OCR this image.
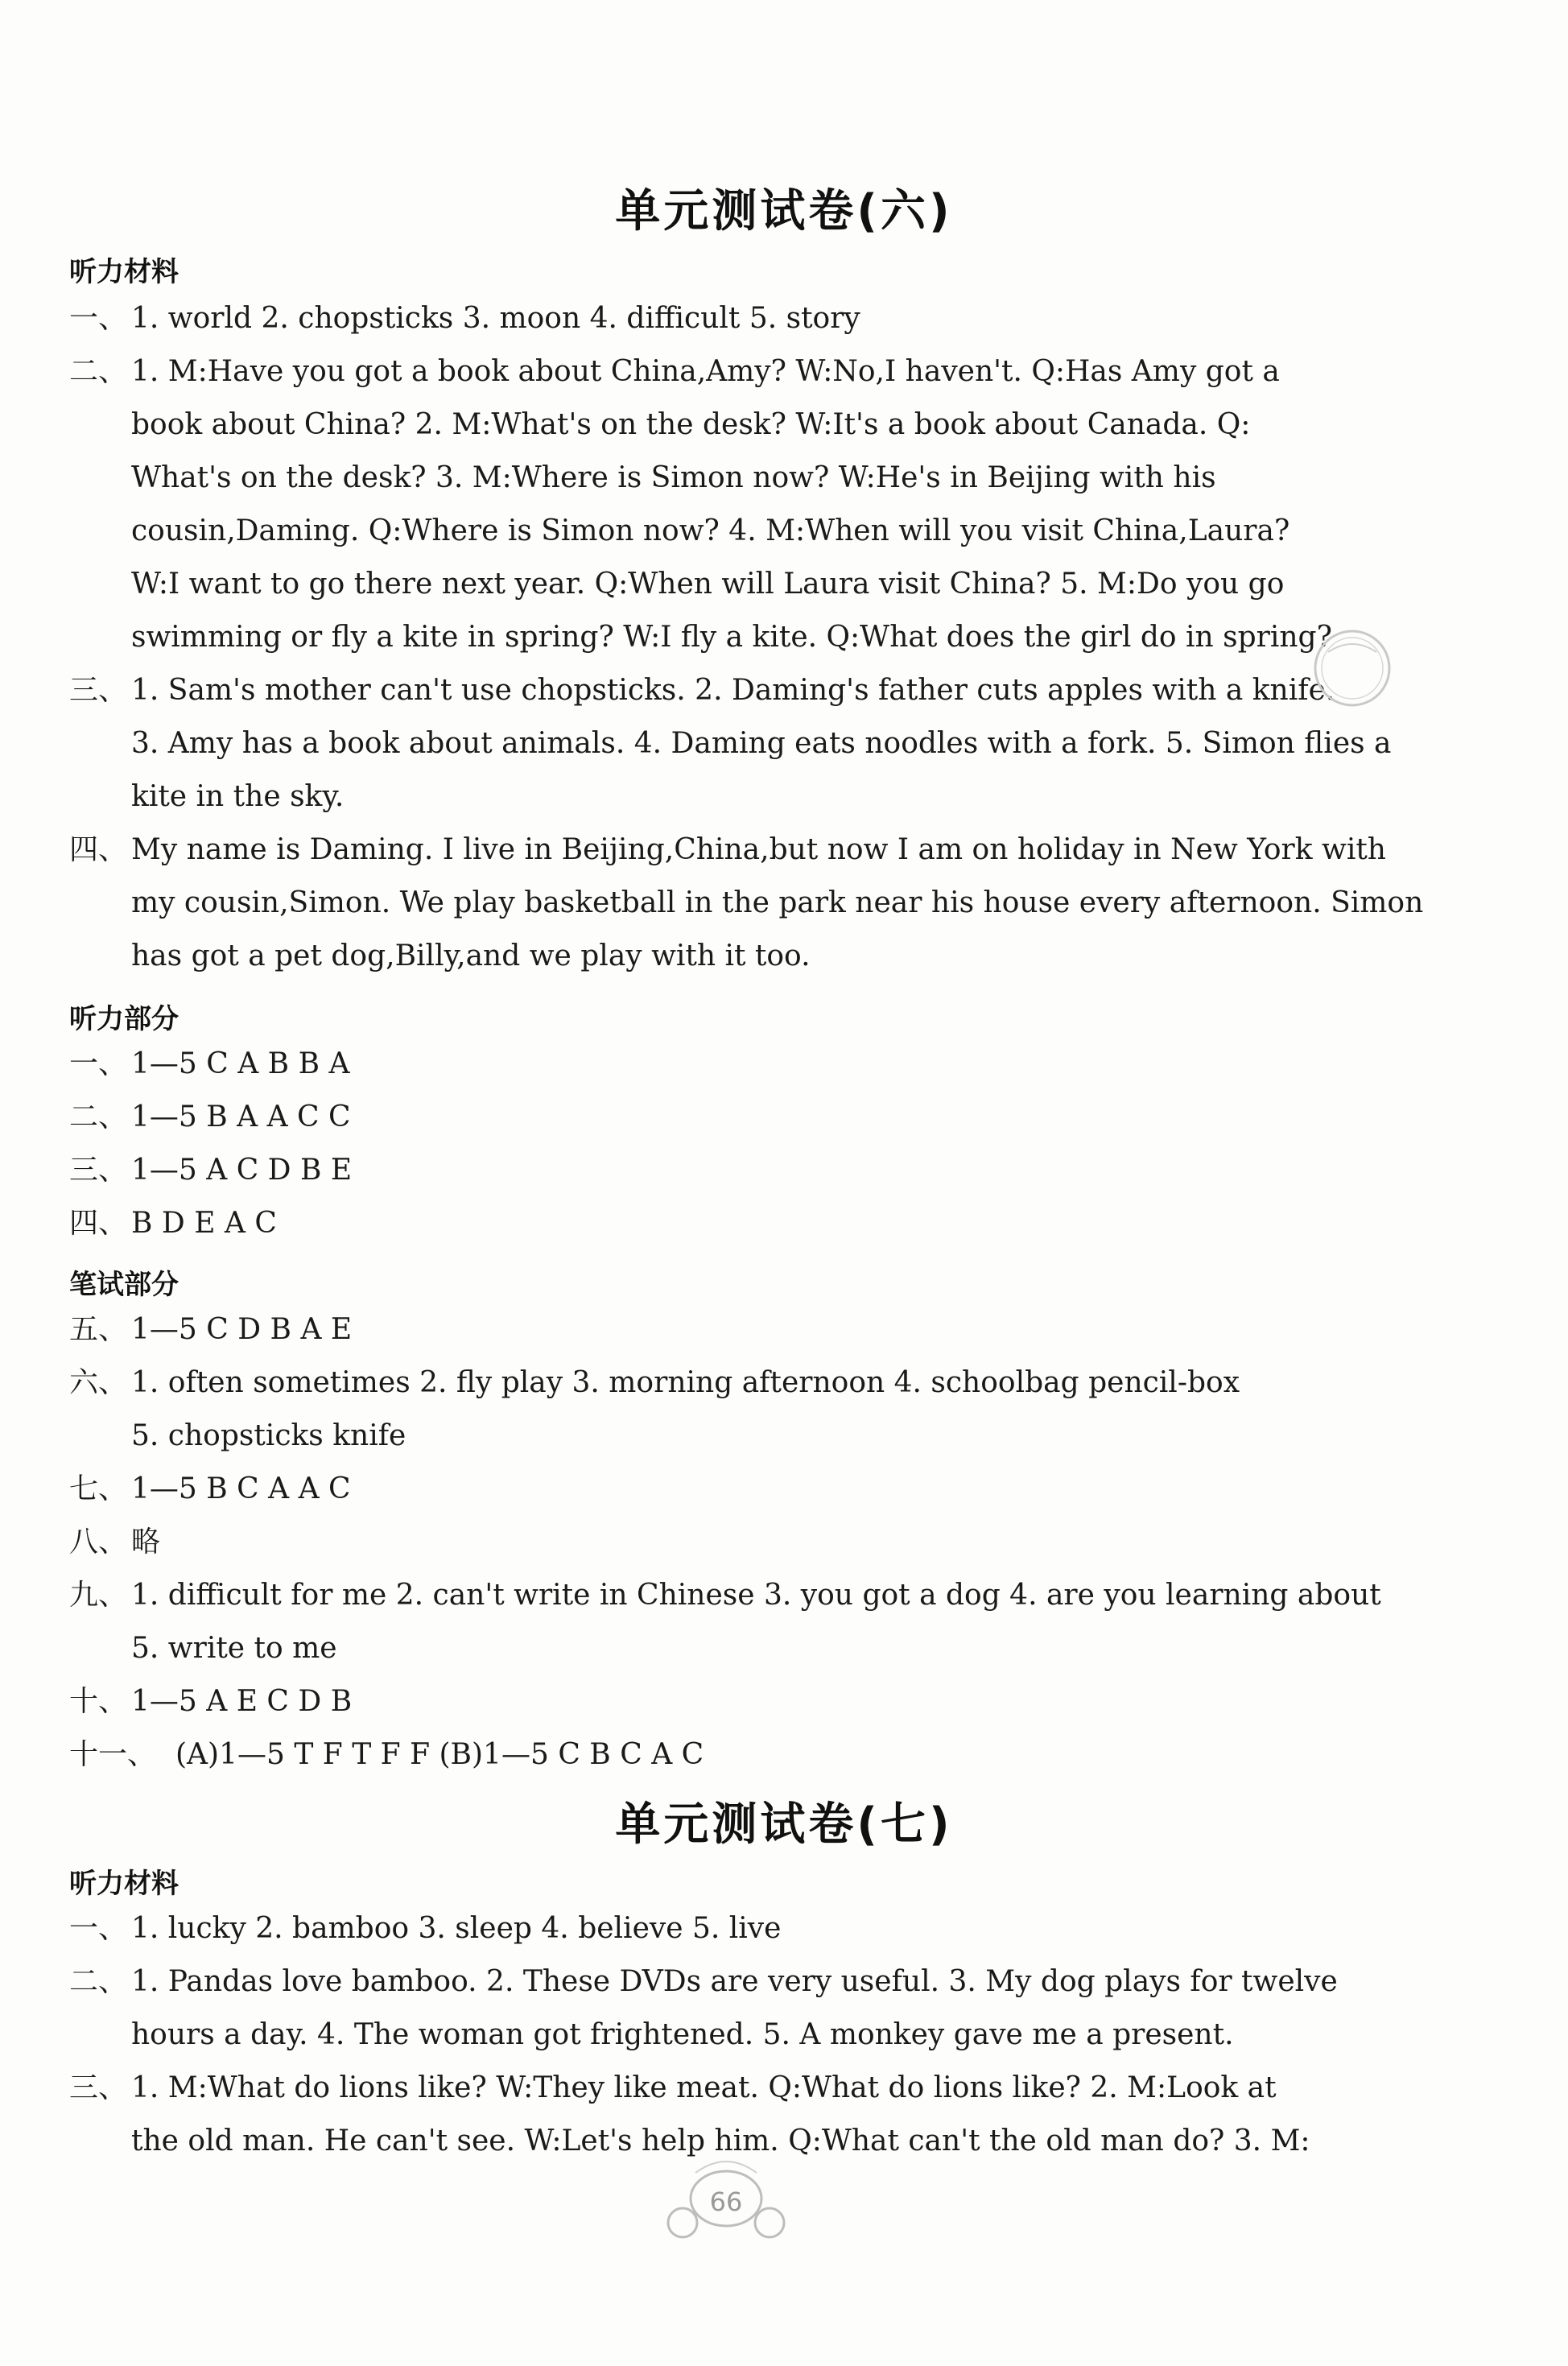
单元测试卷(六)
听力材料
一、 1. world 2. chopsticks 3. moon 4. difficult 5. story
二、 1. M:Have you got a book about China,Amy? W:No,I haven't. Q:Has Amy got a
book about China? 2. M:What's on the desk? W:It's a book about Canada. Q:
What's on the desk? 3. M:Where is Simon now? W:He's in Beijing with his
cousin,Daming. Q:Where is Simon now? 4. M:When will you visit China,Laura?
W:I want to go there next year. Q:When will Laura visit China? 5. M:Do you go
swimming or fly a kite in spring? W:I fly a kite. Q:What does the girl do in spring?
三、 1. Sam's mother can't use chopsticks. 2. Daming's father cuts apples with a knife.
3. Amy has a book about animals. 4. Daming eats noodles with a fork. 5. Simon flies a
kite in the sky.
四、 My name is Daming. I live in Beijing,China,but now I am on holiday in New York with
my cousin,Simon. We play basketball in the park near his house every afternoon. Simon
has got a pet dog,Billy,and we play with it too.
听力部分
一、 1—5 C A B B A
二、 1—5 B A A C C
三、 1—5 A C D B E
四、 B D E A C
笔试部分
五、 1—5 C D B A E
六、 1. often sometimes 2. fly play 3. morning afternoon 4. schoolbag pencil-box
5. chopsticks knife
七、 1—5 B C A A C
八、 略
九、 1. difficult for me 2. can't write in Chinese 3. you got a dog 4. are you learning about
5. write to me
十、 1—5 A E C D B
十一、 (A)1—5 T F T F F (B)1—5 C B C A C
单元测试卷(七)
听力材料
一、 1. lucky 2. bamboo 3. sleep 4. believe 5. live
二、 1. Pandas love bamboo. 2. These DVDs are very useful. 3. My dog plays for twelve
hours a day. 4. The woman got frightened. 5. A monkey gave me a present.
三、 1. M:What do lions like? W:They like meat. Q:What do lions like? 2. M:Look at
the old man. He can't see. W:Let's help him. Q:What can't the old man do? 3. M:
66
